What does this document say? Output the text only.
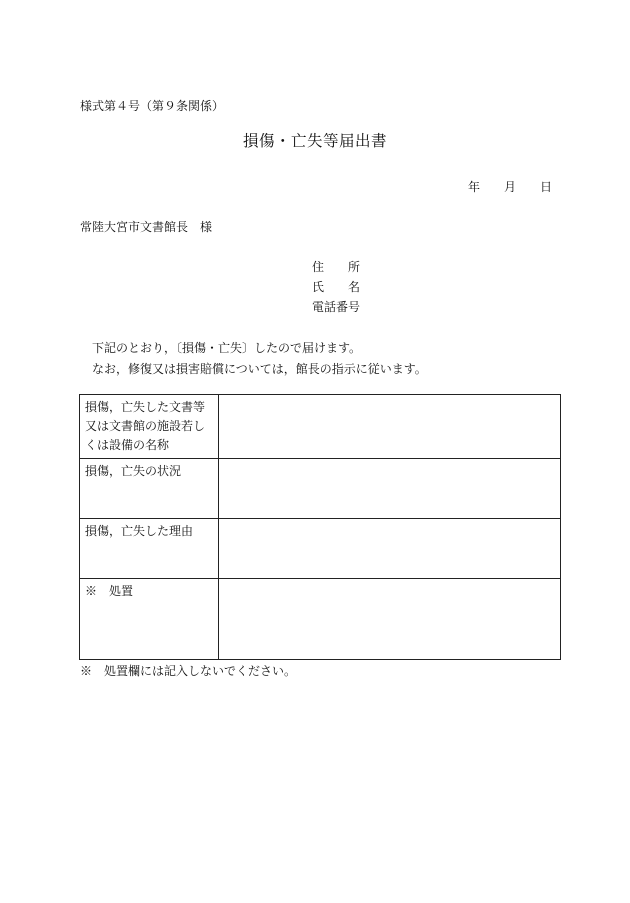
様式第４号（第９条関係）
損傷・亡失等届出書
年 月 日
常陸大宮市文書館長　様
住　　所
氏　　名
電話番号
下記のとおり，〔損傷・亡失〕したので届けます。
なお，修復又は損害賠償については，館長の指示に従います。
損傷，亡失した文書等又は文書館の施設若しくは設備の名称	
損傷，亡失の状況	
損傷，亡失した理由	
※　処置	
※　処置欄には記入しないでください。
